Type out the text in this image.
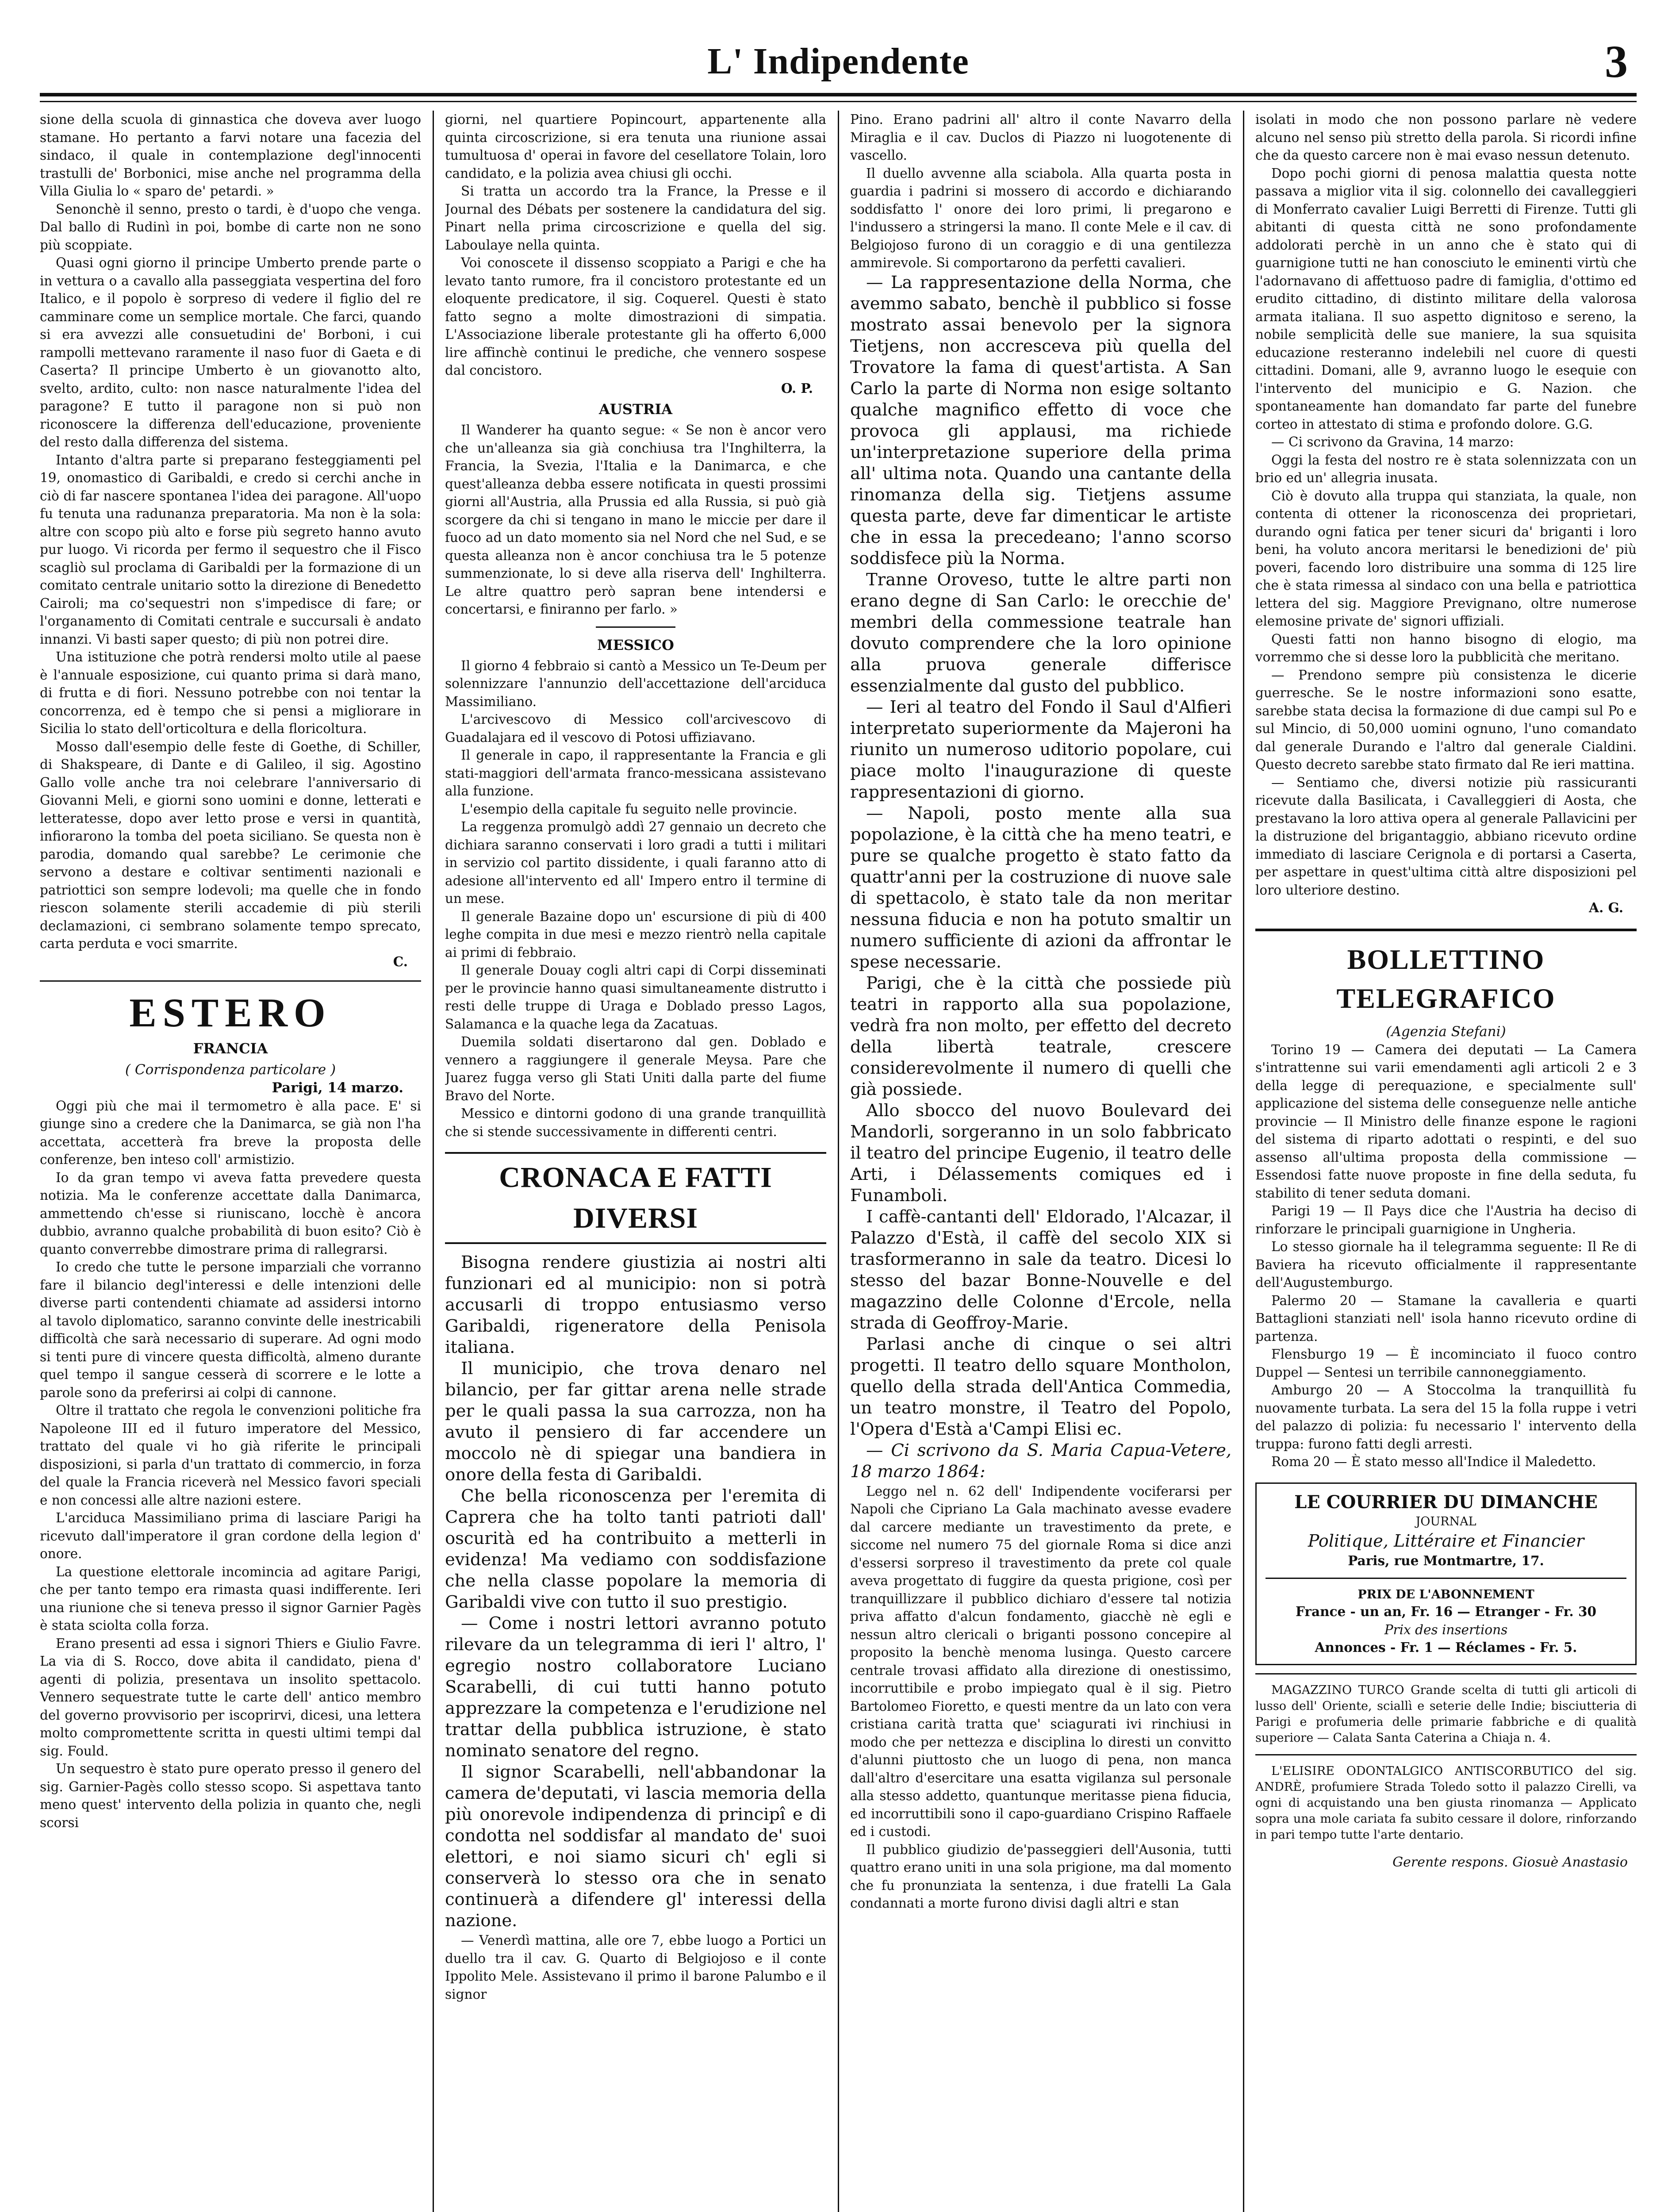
L' Indipendente	3

sione della scuola di ginnastica che doveva aver luogo stamane. Ho pertanto a farvi notare una facezia del sindaco, il quale in contemplazione degl'innocenti trastulli de' Borbonici, mise anche nel programma della Villa Giulia lo « sparo de' petardi. »

Senonchè il senno, presto o tardi, è d'uopo che venga. Dal ballo di Rudinì in poi, bombe di carte non ne sono più scoppiate.

Quasi ogni giorno il principe Umberto prende parte o in vettura o a cavallo alla passeggiata vespertina del foro Italico, e il popolo è sorpreso di vedere il figlio del re camminare come un semplice mortale. Che farci, quando si era avvezzi alle consuetudini de' Borboni, i cui rampolli mettevano raramente il naso fuor di Gaeta e di Caserta? Il principe Umberto è un giovanotto alto, svelto, ardito, culto: non nasce naturalmente l'idea del paragone? E tutto il paragone non si può non riconoscere la differenza dell'educazione, proveniente del resto dalla differenza del sistema.

Intanto d'altra parte si preparano festeggiamenti pel 19, onomastico di Garibaldi, e credo si cerchi anche in ciò di far nascere spontanea l'idea dei paragone. All'uopo fu tenuta una radunanza preparatoria. Ma non è la sola: altre con scopo più alto e forse più segreto hanno avuto pur luogo. Vi ricorda per fermo il sequestro che il Fisco scagliò sul proclama di Garibaldi per la formazione di un comitato centrale unitario sotto la direzione di Benedetto Cairoli; ma co'sequestri non s'impedisce di fare; or l'organamento di Comitati centrale e succursali è andato innanzi. Vi basti saper questo; di più non potrei dire.

Una istituzione che potrà rendersi molto utile al paese è l'annuale esposizione, cui quanto prima si darà mano, di frutta e di fiori. Nessuno potrebbe con noi tentar la concorrenza, ed è tempo che si pensi a migliorare in Sicilia lo stato dell'orticoltura e della floricoltura.

Mosso dall'esempio delle feste di Goethe, di Schiller, di Shakspeare, di Dante e di Galileo, il sig. Agostino Gallo volle anche tra noi celebrare l'anniversario di Giovanni Meli, e giorni sono uomini e donne, letterati e letteratesse, dopo aver letto prose e versi in quantità, infiorarono la tomba del poeta siciliano. Se questa non è parodia, domando qual sarebbe? Le cerimonie che servono a destare e coltivar sentimenti nazionali e patriottici son sempre lodevoli; ma quelle che in fondo riescon solamente sterili accademie di più sterili declamazioni, ci sembrano solamente tempo sprecato, carta perduta e voci smarrite.

C.
ESTERO
FRANCIA
( Corrispondenza particolare )
Parigi, 14 marzo.

Oggi più che mai il termometro è alla pace. E' si giunge sino a credere che la Danimarca, se già non l'ha accettata, accetterà fra breve la proposta delle conferenze, ben inteso coll' armistizio.

Io da gran tempo vi aveva fatta prevedere questa notizia. Ma le conferenze accettate dalla Danimarca, ammettendo ch'esse si riuniscano, locchè è ancora dubbio, avranno qualche probabilità di buon esito? Ciò è quanto converrebbe dimostrare prima di rallegrarsi.

Io credo che tutte le persone imparziali che vorranno fare il bilancio degl'interessi e delle intenzioni delle diverse parti contendenti chiamate ad assidersi intorno al tavolo diplomatico, saranno convinte delle inestricabili difficoltà che sarà necessario di superare. Ad ogni modo si tenti pure di vincere questa difficoltà, almeno durante quel tempo il sangue cesserà di scorrere e le lotte a parole sono da preferirsi ai colpi di cannone.

Oltre il trattato che regola le convenzioni politiche fra Napoleone III ed il futuro imperatore del Messico, trattato del quale vi ho già riferite le principali disposizioni, si parla d'un trattato di commercio, in forza del quale la Francia riceverà nel Messico favori speciali e non concessi alle altre nazioni estere.

L'arciduca Massimiliano prima di lasciare Parigi ha ricevuto dall'imperatore il gran cordone della legion d' onore.

La questione elettorale incomincia ad agitare Parigi, che per tanto tempo era rimasta quasi indifferente. Ieri una riunione che si teneva presso il signor Garnier Pagès è stata sciolta colla forza.

Erano presenti ad essa i signori Thiers e Giulio Favre. La via di S. Rocco, dove abita il candidato, piena d' agenti di polizia, presentava un insolito spettacolo. Vennero sequestrate tutte le carte dell' antico membro del governo provvisorio per iscoprirvi, dicesi, una lettera molto compromettente scritta in questi ultimi tempi dal sig. Fould.

Un sequestro è stato pure operato presso il genero del sig. Garnier-Pagès collo stesso scopo. Si aspettava tanto meno quest' intervento della polizia in quanto che, negli scorsi

giorni, nel quartiere Popincourt, appartenente alla quinta circoscrizione, si era tenuta una riunione assai tumultuosa d' operai in favore del cesellatore Tolain, loro candidato, e la polizia avea chiusi gli occhi.

Si tratta un accordo tra la France, la Presse e il Journal des Débats per sostenere la candidatura del sig. Pinart nella prima circoscrizione e quella del sig. Laboulaye nella quinta.

Voi conoscete il dissenso scoppiato a Parigi e che ha levato tanto rumore, fra il concistoro protestante ed un eloquente predicatore, il sig. Coquerel. Questi è stato fatto segno a molte dimostrazioni di simpatia. L'Associazione liberale protestante gli ha offerto 6,000 lire affinchè continui le prediche, che vennero sospese dal concistoro.

O. P.
AUSTRIA

Il Wanderer ha quanto segue: « Se non è ancor vero che un'alleanza sia già conchiusa tra l'Inghilterra, la Francia, la Svezia, l'Italia e la Danimarca, e che quest'alleanza debba essere notificata in questi prossimi giorni all'Austria, alla Prussia ed alla Russia, si può già scorgere da chi si tengano in mano le miccie per dare il fuoco ad un dato momento sia nel Nord che nel Sud, e se questa alleanza non è ancor conchiusa tra le 5 potenze summenzionate, lo si deve alla riserva dell' Inghilterra. Le altre quattro però sapran bene intendersi e concertarsi, e finiranno per farlo. »

MESSICO

Il giorno 4 febbraio si cantò a Messico un Te-Deum per solennizzare l'annunzio dell'accettazione dell'arciduca Massimiliano.

L'arcivescovo di Messico coll'arcivescovo di Guadalajara ed il vescovo di Potosi uffiziavano.

Il generale in capo, il rappresentante la Francia e gli stati-maggiori dell'armata franco-messicana assistevano alla funzione.

L'esempio della capitale fu seguito nelle provincie.

La reggenza promulgò addì 27 gennaio un decreto che dichiara saranno conservati i loro gradi a tutti i militari in servizio col partito dissidente, i quali faranno atto di adesione all'intervento ed all' Impero entro il termine di un mese.

Il generale Bazaine dopo un' escursione di più di 400 leghe compita in due mesi e mezzo rientrò nella capitale ai primi di febbraio.

Il generale Douay cogli altri capi di Corpi disseminati per le provincie hanno quasi simultaneamente distrutto i resti delle truppe di Uraga e Doblado presso Lagos, Salamanca e la quache lega da Zacatuas.

Duemila soldati disertarono dal gen. Doblado e vennero a raggiungere il generale Meysa. Pare che Juarez fugga verso gli Stati Uniti dalla parte del fiume Bravo del Norte.

Messico e dintorni godono di una grande tranquillità che si stende successivamente in differenti centri.

CRONACA E FATTI DIVERSI

Bisogna rendere giustizia ai nostri alti funzionari ed al municipio: non si potrà accusarli di troppo entusiasmo verso Garibaldi, rigeneratore della Penisola italiana.

Il municipio, che trova denaro nel bilancio, per far gittar arena nelle strade per le quali passa la sua carrozza, non ha avuto il pensiero di far accendere un moccolo nè di spiegar una bandiera in onore della festa di Garibaldi.

Che bella riconoscenza per l'eremita di Caprera che ha tolto tanti patrioti dall' oscurità ed ha contribuito a metterli in evidenza! Ma vediamo con soddisfazione che nella classe popolare la memoria di Garibaldi vive con tutto il suo prestigio.

— Come i nostri lettori avranno potuto rilevare da un telegramma di ieri l' altro, l' egregio nostro collaboratore Luciano Scarabelli, di cui tutti hanno potuto apprezzare la competenza e l'erudizione nel trattar della pubblica istruzione, è stato nominato senatore del regno.

Il signor Scarabelli, nell'abbandonar la camera de'deputati, vi lascia memoria della più onorevole indipendenza di principî e di condotta nel soddisfar al mandato de' suoi elettori, e noi siamo sicuri ch' egli si conserverà lo stesso ora che in senato continuerà a difendere gl' interessi della nazione.

— Venerdì mattina, alle ore 7, ebbe luogo a Portici un duello tra il cav. G. Quarto di Belgiojoso e il conte Ippolito Mele. Assistevano il primo il barone Palumbo e il signor

Pino. Erano padrini all' altro il conte Navarro della Miraglia e il cav. Duclos di Piazzo ni luogotenente di vascello.

Il duello avvenne alla sciabola. Alla quarta posta in guardia i padrini si mossero di accordo e dichiarando soddisfatto l' onore dei loro primi, li pregarono e l'indussero a stringersi la mano. Il conte Mele e il cav. di Belgiojoso furono di un coraggio e di una gentilezza ammirevole. Si comportarono da perfetti cavalieri.

— La rappresentazione della Norma, che avemmo sabato, benchè il pubblico si fosse mostrato assai benevolo per la signora Tietjens, non accresceva più quella del Trovatore la fama di quest'artista. A San Carlo la parte di Norma non esige soltanto qualche magnifico effetto di voce che provoca gli applausi, ma richiede un'interpretazione superiore della prima all' ultima nota. Quando una cantante della rinomanza della sig. Tietjens assume questa parte, deve far dimenticar le artiste che in essa la precedeano; l'anno scorso soddisfece più la Norma.

Tranne Oroveso, tutte le altre parti non erano degne di San Carlo: le orecchie de' membri della commessione teatrale han dovuto comprendere che la loro opinione alla pruova generale differisce essenzialmente dal gusto del pubblico.

— Ieri al teatro del Fondo il Saul d'Alfieri interpretato superiormente da Majeroni ha riunito un numeroso uditorio popolare, cui piace molto l'inaugurazione di queste rappresentazioni di giorno.

— Napoli, posto mente alla sua popolazione, è la città che ha meno teatri, e pure se qualche progetto è stato fatto da quattr'anni per la costruzione di nuove sale di spettacolo, è stato tale da non meritar nessuna fiducia e non ha potuto smaltir un numero sufficiente di azioni da affrontar le spese necessarie.

Parigi, che è la città che possiede più teatri in rapporto alla sua popolazione, vedrà fra non molto, per effetto del decreto della libertà teatrale, crescere considerevolmente il numero di quelli che già possiede.

Allo sbocco del nuovo Boulevard dei Mandorli, sorgeranno in un solo fabbricato il teatro del principe Eugenio, il teatro delle Arti, i Délassements comiques ed i Funamboli.

I caffè-cantanti dell' Eldorado, l'Alcazar, il Palazzo d'Està, il caffè del secolo XIX si trasformeranno in sale da teatro. Dicesi lo stesso del bazar Bonne-Nouvelle e del magazzino delle Colonne d'Ercole, nella strada di Geoffroy-Marie.

Parlasi anche di cinque o sei altri progetti. Il teatro dello square Montholon, quello della strada dell'Antica Commedia, un teatro monstre, il Teatro del Popolo, l'Opera d'Està a'Campi Elisi ec.

— Ci scrivono da S. Maria Capua-Vetere, 18 marzo 1864:

Leggo nel n. 62 dell' Indipendente vociferarsi per Napoli che Cipriano La Gala machinato avesse evadere dal carcere mediante un travestimento da prete, e siccome nel numero 75 del giornale Roma si dice anzi d'essersi sorpreso il travestimento da prete col quale aveva progettato di fuggire da questa prigione, così per tranquillizzare il pubblico dichiaro d'essere tal notizia priva affatto d'alcun fondamento, giacchè nè egli e nessun altro clericali o briganti possono concepire al proposito la benchè menoma lusinga. Questo carcere centrale trovasi affidato alla direzione di onestissimo, incorruttibile e probo impiegato qual è il sig. Pietro Bartolomeo Fioretto, e questi mentre da un lato con vera cristiana carità tratta que' sciagurati ivi rinchiusi in modo che per nettezza e disciplina lo diresti un convitto d'alunni piuttosto che un luogo di pena, non manca dall'altro d'esercitare una esatta vigilanza sul personale alla stesso addetto, quantunque meritasse piena fiducia, ed incorruttibili sono il capo-guardiano Crispino Raffaele ed i custodi.

Il pubblico giudizio de'passeggieri dell'Ausonia, tutti quattro erano uniti in una sola prigione, ma dal momento che fu pronunziata la sentenza, i due fratelli La Gala condannati a morte furono divisi dagli altri e stan

isolati in modo che non possono parlare nè vedere alcuno nel senso più stretto della parola. Si ricordi infine che da questo carcere non è mai evaso nessun detenuto.

Dopo pochi giorni di penosa malattia questa notte passava a miglior vita il sig. colonnello dei cavalleggieri di Monferrato cavalier Luigi Berretti di Firenze. Tutti gli abitanti di questa città ne sono profondamente addolorati perchè in un anno che è stato qui di guarnigione tutti ne han conosciuto le eminenti virtù che l'adornavano di affettuoso padre di famiglia, d'ottimo ed erudito cittadino, di distinto militare della valorosa armata italiana. Il suo aspetto dignitoso e sereno, la nobile semplicità delle sue maniere, la sua squisita educazione resteranno indelebili nel cuore di questi cittadini. Domani, alle 9, avranno luogo le esequie con l'intervento del municipio e G. Nazion. che spontaneamente han domandato far parte del funebre corteo in attestato di stima e profondo dolore. G.G.

— Ci scrivono da Gravina, 14 marzo:

Oggi la festa del nostro re è stata solennizzata con un brio ed un' allegria inusata.

Ciò è dovuto alla truppa qui stanziata, la quale, non contenta di ottener la riconoscenza dei proprietari, durando ogni fatica per tener sicuri da' briganti i loro beni, ha voluto ancora meritarsi le benedizioni de' più poveri, facendo loro distribuire una somma di 125 lire che è stata rimessa al sindaco con una bella e patriottica lettera del sig. Maggiore Prevignano, oltre numerose elemosine private de' signori uffiziali.

Questi fatti non hanno bisogno di elogio, ma vorremmo che si desse loro la pubblicità che meritano.

— Prendono sempre più consistenza le dicerie guerresche. Se le nostre informazioni sono esatte, sarebbe stata decisa la formazione di due campi sul Po e sul Mincio, di 50,000 uomini ognuno, l'uno comandato dal generale Durando e l'altro dal generale Cialdini. Questo decreto sarebbe stato firmato dal Re ieri mattina.

— Sentiamo che, diversi notizie più rassicuranti ricevute dalla Basilicata, i Cavalleggieri di Aosta, che prestavano la loro attiva opera al generale Pallavicini per la distruzione del brigantaggio, abbiano ricevuto ordine immediato di lasciare Cerignola e di portarsi a Caserta, per aspettare in quest'ultima città altre disposizioni pel loro ulteriore destino.

A. G.
BOLLETTINO TELEGRAFICO
(Agenzia Stefani)

Torino 19 — Camera dei deputati — La Camera s'intrattenne sui varii emendamenti agli articoli 2 e 3 della legge di perequazione, e specialmente sull' applicazione del sistema delle conseguenze nelle antiche provincie — Il Ministro delle finanze espone le ragioni del sistema di riparto adottati o respinti, e del suo assenso all'ultima proposta della commissione — Essendosi fatte nuove proposte in fine della seduta, fu stabilito di tener seduta domani.

Parigi 19 — Il Pays dice che l'Austria ha deciso di rinforzare le principali guarnigione in Ungheria.

Lo stesso giornale ha il telegramma seguente: Il Re di Baviera ha ricevuto officialmente il rappresentante dell'Augustemburgo.

Palermo 20 — Stamane la cavalleria e quarti Battaglioni stanziati nell' isola hanno ricevuto ordine di partenza.

Flensburgo 19 — È incominciato il fuoco contro Duppel — Sentesi un terribile cannoneggiamento.

Amburgo 20 — A Stoccolma la tranquillità fu nuovamente turbata. La sera del 15 la folla ruppe i vetri del palazzo di polizia: fu necessario l' intervento della truppa: furono fatti degli arresti.

Roma 20 — È stato messo all'Indice il Maledetto.

LE COURRIER DU DIMANCHE
JOURNAL
Politique, Littéraire et Financier
Paris, rue Montmartre, 17.
PRIX DE L'ABONNEMENT
France - un an, Fr. 16 — Etranger - Fr. 30
Prix des insertions
Annonces - Fr. 1 — Réclames - Fr. 5.

MAGAZZINO TURCO Grande scelta di tutti gli articoli di lusso dell' Oriente, sciallì e seterie delle Indie; bisciutteria di Parigi e profumeria delle primarie fabbriche e di qualità superiore — Calata Santa Caterina a Chiaja n. 4.

L'ELISIRE ODONTALGICO ANTISCORBUTICO del sig. ANDRÈ, profumiere Strada Toledo sotto il palazzo Cirelli, va ogni di acquistando una ben giusta rinomanza — Applicato sopra una mole cariata fa subito cessare il dolore, rinforzando in pari tempo tutte l'arte dentario.

Gerente respons. Giosuè Anastasio
